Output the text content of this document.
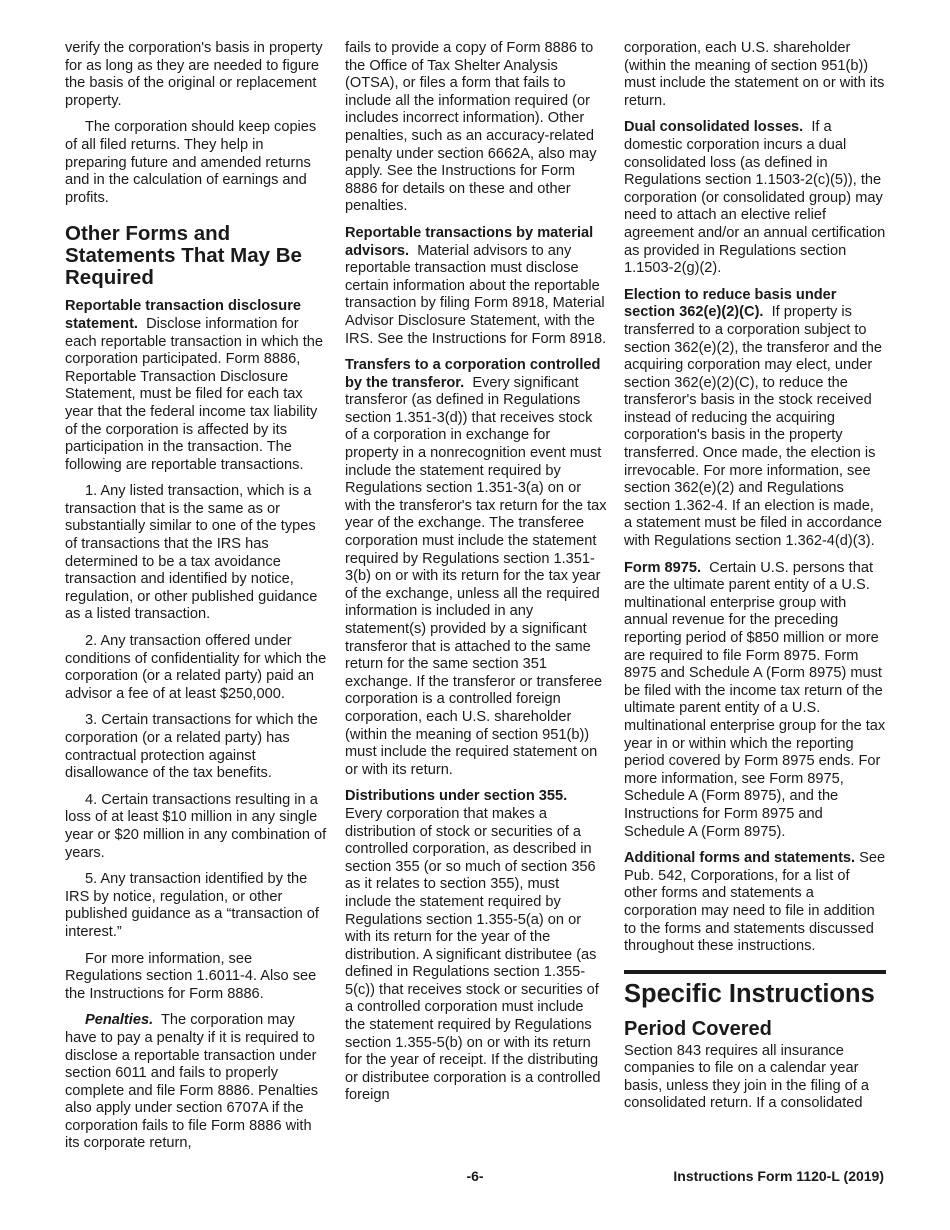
verify the corporation's basis in property for as long as they are needed to figure the basis of the original or replacement property.

The corporation should keep copies of all filed returns. They help in preparing future and amended returns and in the calculation of earnings and profits.

Other Forms and Statements That May Be Required

Reportable transaction disclosure statement. Disclose information for each reportable transaction in which the corporation participated. Form 8886, Reportable Transaction Disclosure Statement, must be filed for each tax year that the federal income tax liability of the corporation is affected by its participation in the transaction. The following are reportable transactions.

1. Any listed transaction, which is a transaction that is the same as or substantially similar to one of the types of transactions that the IRS has determined to be a tax avoidance transaction and identified by notice, regulation, or other published guidance as a listed transaction.

2. Any transaction offered under conditions of confidentiality for which the corporation (or a related party) paid an advisor a fee of at least $250,000.

3. Certain transactions for which the corporation (or a related party) has contractual protection against disallowance of the tax benefits.

4. Certain transactions resulting in a loss of at least $10 million in any single year or $20 million in any combination of years.

5. Any transaction identified by the IRS by notice, regulation, or other published guidance as a “transaction of interest.”

For more information, see Regulations section 1.6011-4. Also see the Instructions for Form 8886.

Penalties. The corporation may have to pay a penalty if it is required to disclose a reportable transaction under section 6011 and fails to properly complete and file Form 8886. Penalties also apply under section 6707A if the corporation fails to file Form 8886 with its corporate return,

fails to provide a copy of Form 8886 to the Office of Tax Shelter Analysis (OTSA), or files a form that fails to include all the information required (or includes incorrect information). Other penalties, such as an accuracy-related penalty under section 6662A, also may apply. See the Instructions for Form 8886 for details on these and other penalties.

Reportable transactions by material advisors. Material advisors to any reportable transaction must disclose certain information about the reportable transaction by filing Form 8918, Material Advisor Disclosure Statement, with the IRS. See the Instructions for Form 8918.

Transfers to a corporation controlled by the transferor. Every significant transferor (as defined in Regulations section 1.351-3(d)) that receives stock of a corporation in exchange for property in a nonrecognition event must include the statement required by Regulations section 1.351-3(a) on or with the transferor's tax return for the tax year of the exchange. The transferee corporation must include the statement required by Regulations section 1.351-3(b) on or with its return for the tax year of the exchange, unless all the required information is included in any statement(s) provided by a significant transferor that is attached to the same return for the same section 351 exchange. If the transferor or transferee corporation is a controlled foreign corporation, each U.S. shareholder (within the meaning of section 951(b)) must include the required statement on or with its return.

Distributions under section 355. Every corporation that makes a distribution of stock or securities of a controlled corporation, as described in section 355 (or so much of section 356 as it relates to section 355), must include the statement required by Regulations section 1.355-5(a) on or with its return for the year of the distribution. A significant distributee (as defined in Regulations section 1.355-5(c)) that receives stock or securities of a controlled corporation must include the statement required by Regulations section 1.355-5(b) on or with its return for the year of receipt. If the distributing or distributee corporation is a controlled foreign

corporation, each U.S. shareholder (within the meaning of section 951(b)) must include the statement on or with its return.

Dual consolidated losses. If a domestic corporation incurs a dual consolidated loss (as defined in Regulations section 1.1503-2(c)(5)), the corporation (or consolidated group) may need to attach an elective relief agreement and/or an annual certification as provided in Regulations section 1.1503-2(g)(2).

Election to reduce basis under section 362(e)(2)(C). If property is transferred to a corporation subject to section 362(e)(2), the transferor and the acquiring corporation may elect, under section 362(e)(2)(C), to reduce the transferor's basis in the stock received instead of reducing the acquiring corporation's basis in the property transferred. Once made, the election is irrevocable. For more information, see section 362(e)(2) and Regulations section 1.362-4. If an election is made, a statement must be filed in accordance with Regulations section 1.362-4(d)(3).

Form 8975. Certain U.S. persons that are the ultimate parent entity of a U.S. multinational enterprise group with annual revenue for the preceding reporting period of $850 million or more are required to file Form 8975. Form 8975 and Schedule A (Form 8975) must be filed with the income tax return of the ultimate parent entity of a U.S. multinational enterprise group for the tax year in or within which the reporting period covered by Form 8975 ends. For more information, see Form 8975, Schedule A (Form 8975), and the Instructions for Form 8975 and Schedule A (Form 8975).

Additional forms and statements. See Pub. 542, Corporations, for a list of other forms and statements a corporation may need to file in addition to the forms and statements discussed throughout these instructions.

Specific Instructions
Period Covered

Section 843 requires all insurance companies to file on a calendar year basis, unless they join in the filing of a consolidated return. If a consolidated

-6-	Instructions Form 1120-L (2019)
